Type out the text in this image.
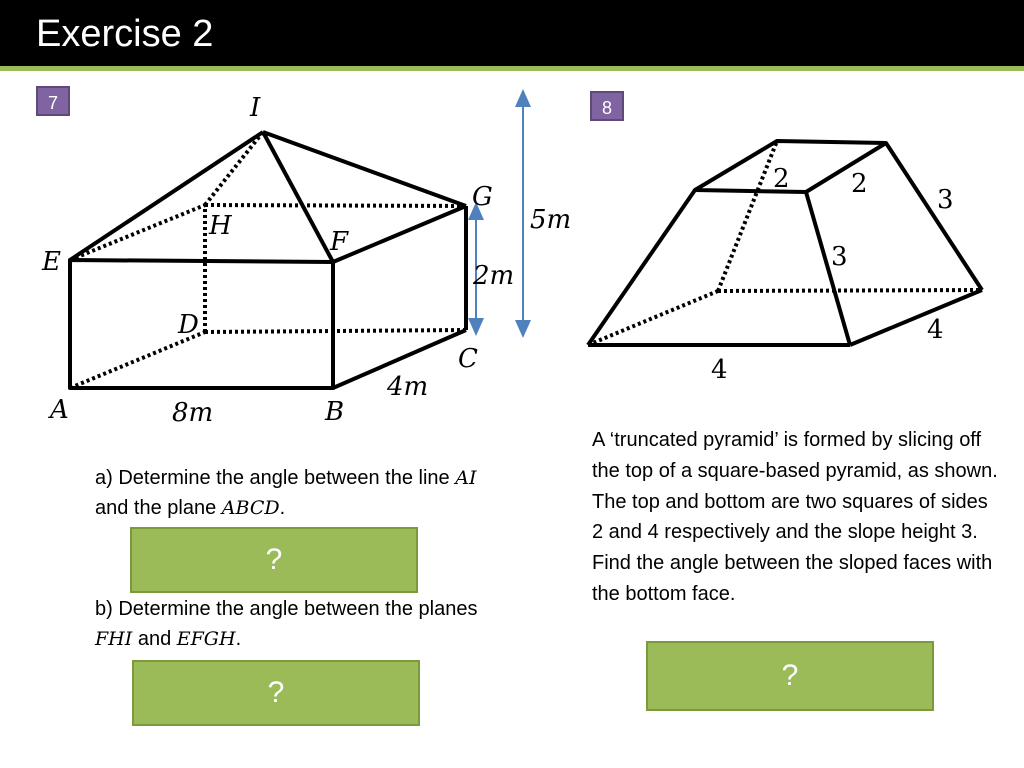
Exercise 2
7	8
I
H
G
E
F
D
C
A	B
5m
2m
4m
8m
2 2
3
3
4
4
a) Determine the angle between the line AI and the plane ABCD.
?
b) Determine the angle between the planes FHI and EFGH.
?
A ‘truncated pyramid’ is formed by slicing off the top of a square-based pyramid, as shown. The top and bottom are two squares of sides 2 and 4 respectively and the slope height 3. Find the angle between the sloped faces with the bottom face.
?
